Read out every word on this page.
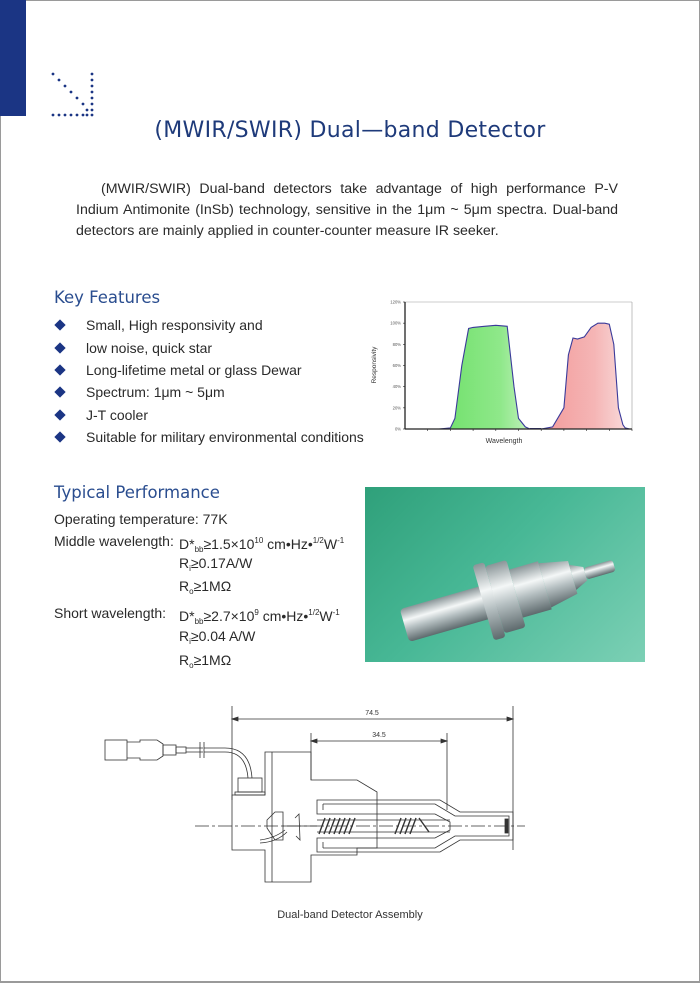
(MWIR/SWIR) Dual—band Detector
(MWIR/SWIR) Dual-band detectors take advantage of high performance P-V Indium Antimonite (InSb) technology, sensitive in the 1μm ~ 5μm spectra. Dual-band detectors are mainly applied in counter-counter measure IR seeker.
Key Features
Small, High responsivity and
low noise, quick star
Long-lifetime metal or glass Dewar
Spectrum: 1μm ~ 5μm
J-T cooler
Suitable for military environmental conditions
0%
20%
40%
60%
80%
100%
120%
Responsivity
Wavelength
Typical Performance
Operating temperature: 77K
Middle wavelength: $D*_{bb}\ge 1.5\times 10^{10}$ $cm•Hz•^{1/2}W^{-1}$
$R_i\ge 0.17A/W$
$R_o\ge 1M\Omega$
Short wavelength: $D*_{bb}\ge 2.7\times 10^9$ $cm•Hz•^{1/2}W^{-1}$
$R_i\ge 0.04$ A/W
$R_o\ge 1M\Omega$
74.5
34.5
Dual-band Detector Assembly
